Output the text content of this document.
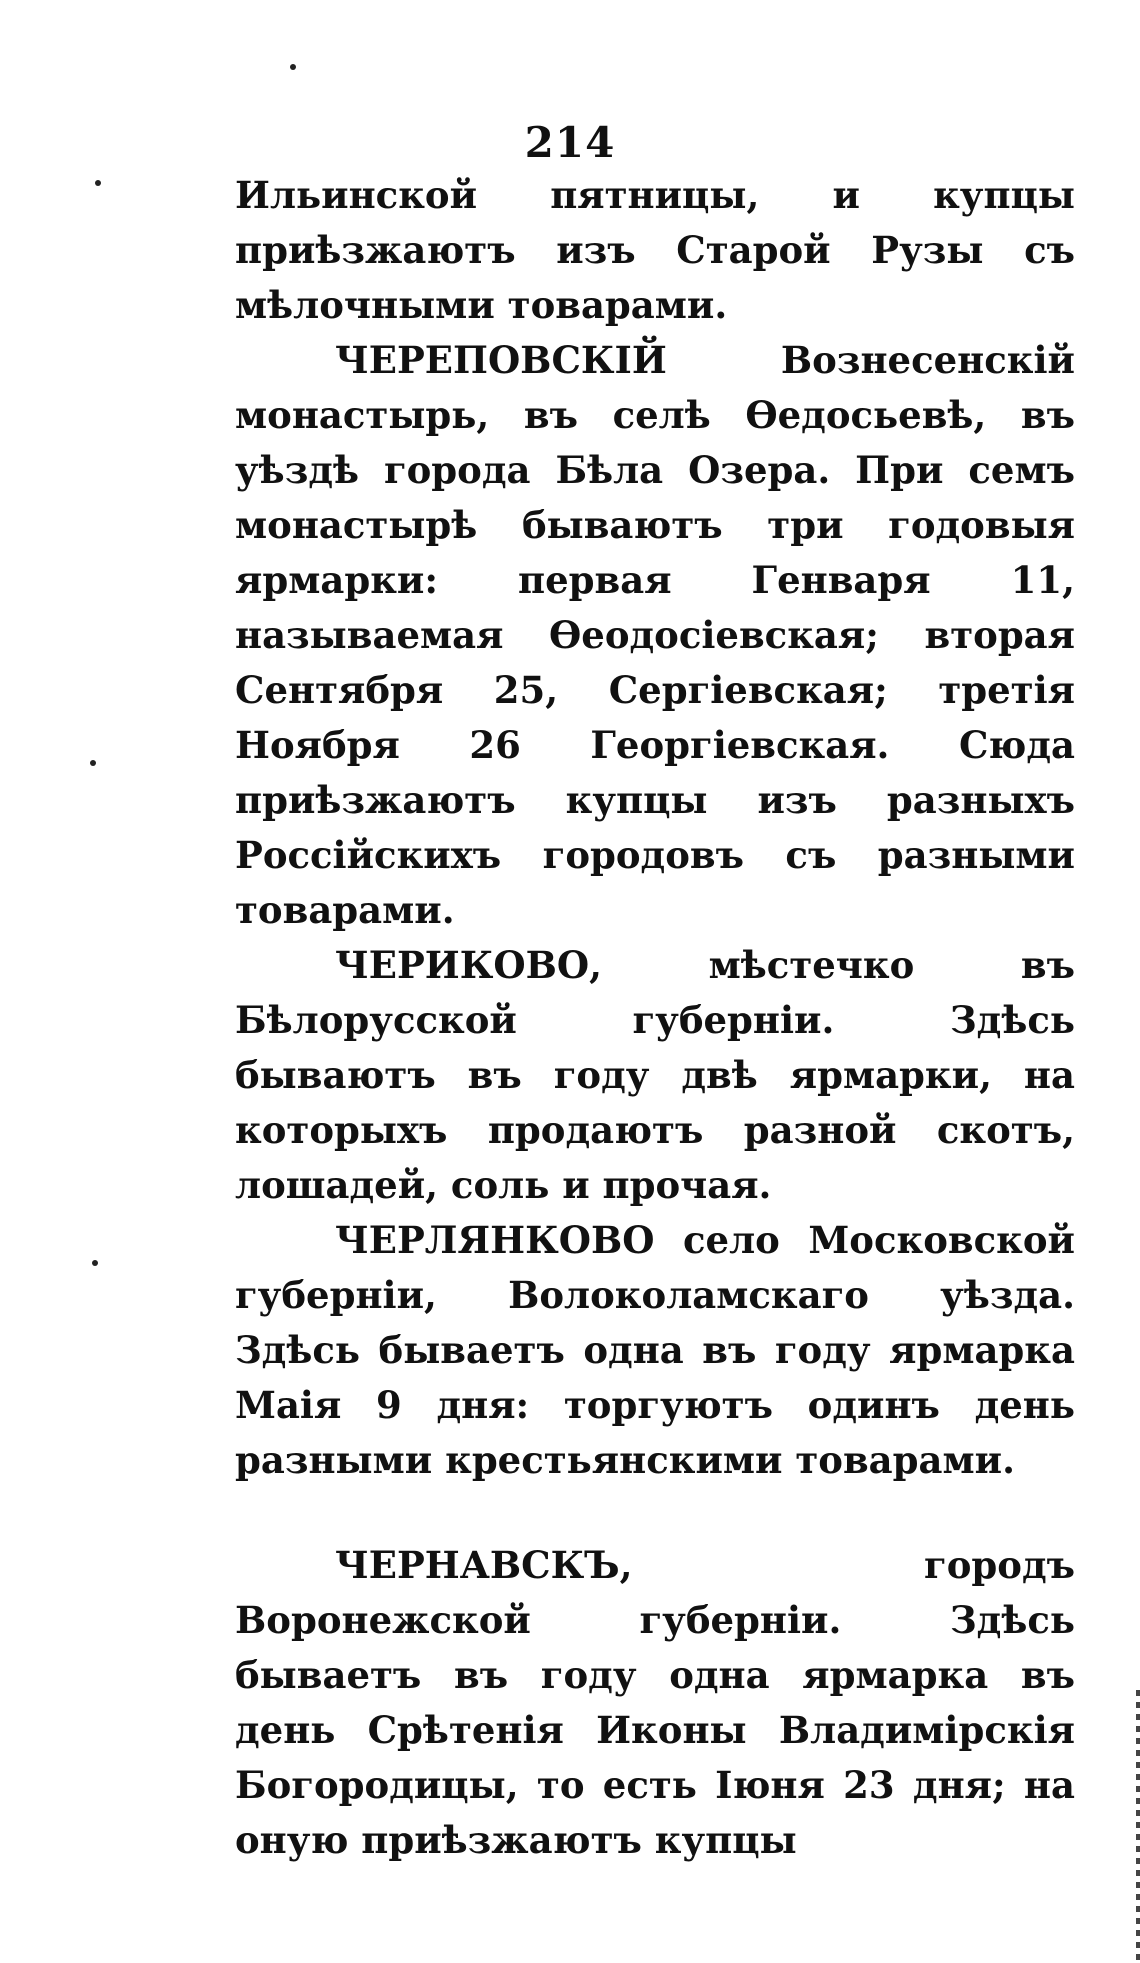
214

Ильинской пятницы, и купцы приѣзжаютъ изъ Старой Рузы съ мѣлочными товарами.

ЧЕРЕПОВСКIЙ Вознесенскiй монастырь, въ селѣ Ѳедосьевѣ, въ уѣздѣ города Бѣла Озера. При семъ монастырѣ бываютъ три годовыя ярмарки: первая Генваря 11, называемая Ѳеодосiевская; вторая Сентября 25, Сергiевская; третiя Ноября 26 Георгiевская. Сюда приѣзжаютъ купцы изъ разныхъ Россiйскихъ городовъ съ разными товарами.

ЧЕРИКОВО, мѣстечко въ Бѣлорусской губернiи. Здѣсь бываютъ въ году двѣ ярмарки, на которыхъ продаютъ разной скотъ, лошадей, соль и прочая.

ЧЕРЛЯНКОВО село Московской губернiи, Волоколамскаго уѣзда. Здѣсь бываетъ одна въ году ярмарка Маiя 9 дня: торгуютъ одинъ день разными крестьянскими товарами.

ЧЕРНАВСКЪ, городъ Воронежской губернiи. Здѣсь бываетъ въ году одна ярмарка въ день Срѣтенiя Иконы Владимiрскiя Богородицы, то есть Iюня 23 дня; на оную приѣзжаютъ купцы
